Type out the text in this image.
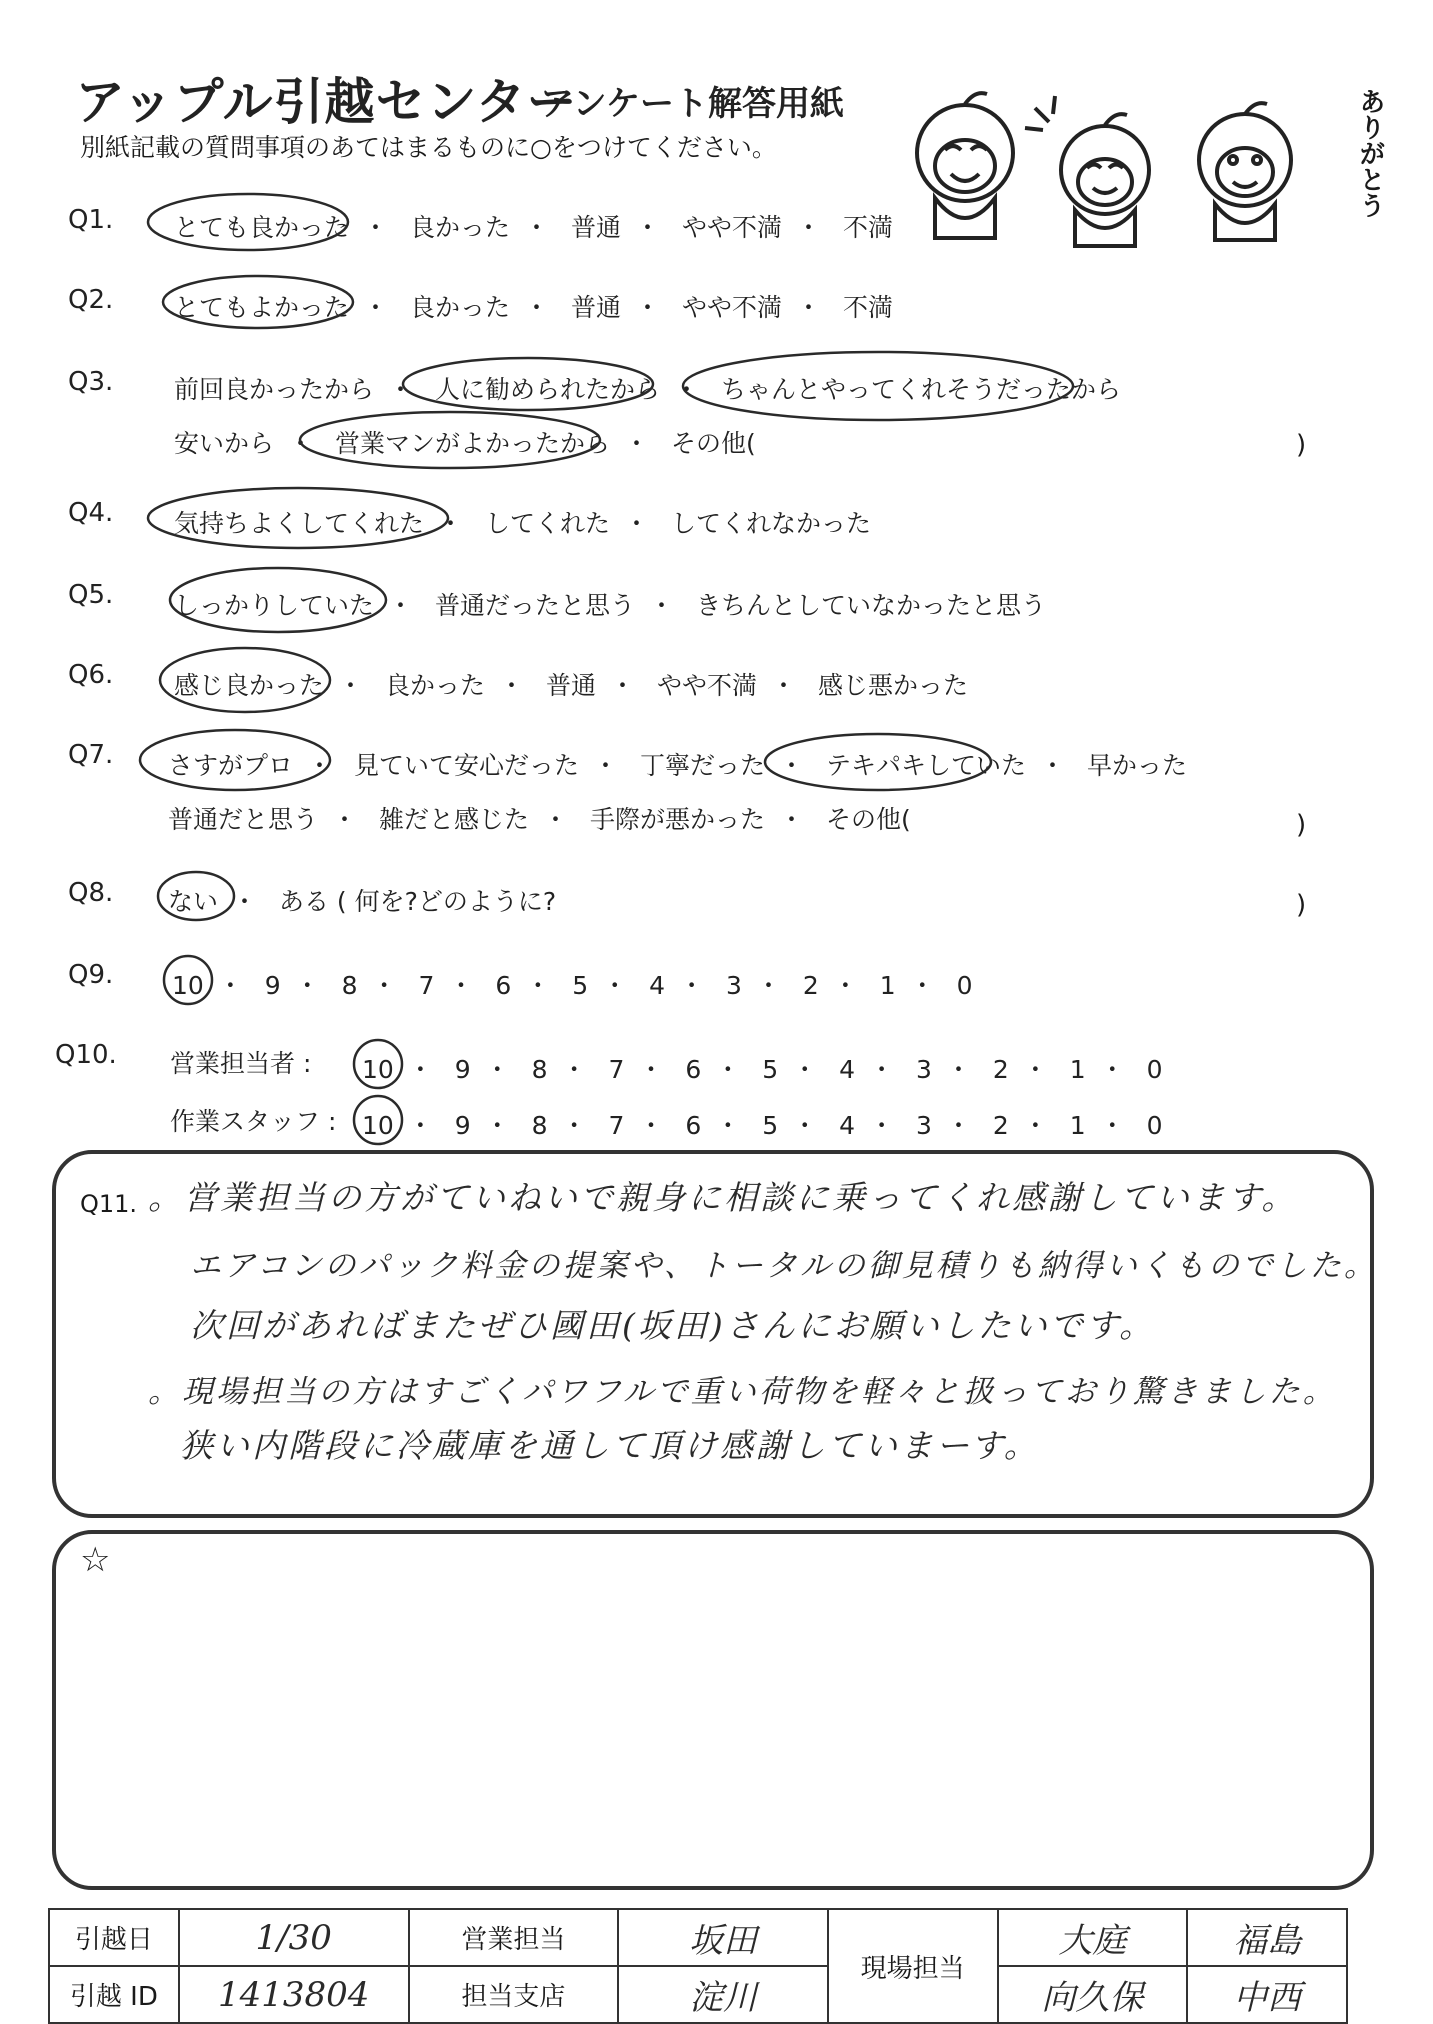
アップル引越センター
アンケート解答用紙
別紙記載の質問事項のあてはまるものに○をつけてください。	ありがとう
Q1. とても良かった ・ 良かった ・ 普通 ・ やや不満 ・ 不満
Q2. とてもよかった ・ 良かった ・ 普通 ・ やや不満 ・ 不満
Q3. 前回良かったから ・ 人に勧められたから ・ ちゃんとやってくれそうだったから
安いから ・ 営業マンがよかったから ・ その他(	)
Q4. 気持ちよくしてくれた ・ してくれた ・ してくれなかった
Q5. しっかりしていた ・ 普通だったと思う ・ きちんとしていなかったと思う
Q6. 感じ良かった ・ 良かった ・ 普通 ・ やや不満 ・ 感じ悪かった
Q7. さすがプロ ・ 見ていて安心だった ・ 丁寧だった ・ テキパキしていた ・ 早かった
普通だと思う ・ 雑だと感じた ・ 手際が悪かった ・ その他(	)
Q8. ない ・ ある ( 何を?どのように?	)
Q9. 10 ・ 9 ・ 8 ・ 7 ・ 6 ・ 5 ・ 4 ・ 3 ・ 2 ・ 1 ・ 0
Q10. 営業担当者 : 10 ・ 9 ・ 8 ・ 7 ・ 6 ・ 5 ・ 4 ・ 3 ・ 2 ・ 1 ・ 0
作業スタッフ : 10 ・ 9 ・ 8 ・ 7 ・ 6 ・ 5 ・ 4 ・ 3 ・ 2 ・ 1 ・ 0
Q11. 。営業担当の方がていねいで親身に相談に乗ってくれ感謝しています。
エアコンのパック料金の提案や、トータルの御見積りも納得いくものでした。
次回があればまたぜひ國田(坂田)さんにお願いしたいです。
。現場担当の方はすごくパワフルで重い荷物を軽々と扱っており驚きました。
狭い内階段に冷蔵庫を通して頂け感謝していまーす。
☆
引越日	1/30	営業担当	坂田	現場担当	大庭	福島
引越 ID	1413804	担当支店	淀川		向久保	中西
